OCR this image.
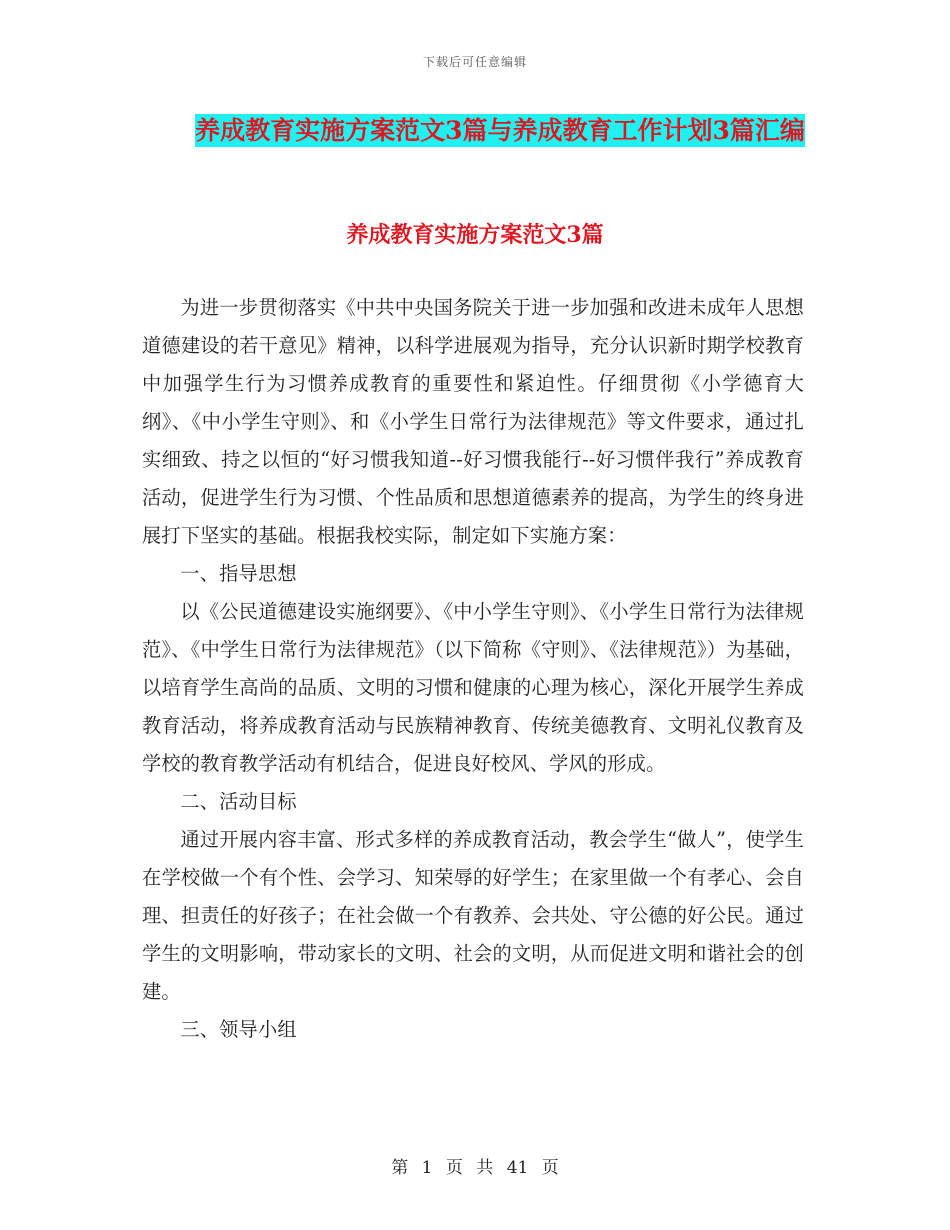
下载后可任意编辑
养成教育实施方案范文3篇与养成教育工作计划3篇汇编
养成教育实施方案范文3篇

为进一步贯彻落实《中共中央国务院关于进一步加强和改进未成年人思想道德建设的若干意见》精神，以科学进展观为指导，充分认识新时期学校教育中加强学生行为习惯养成教育的重要性和紧迫性。仔细贯彻《小学德育大纲》、《中小学生守则》、和《小学生日常行为法律规范》等文件要求，通过扎实细致、持之以恒的“好习惯我知道--好习惯我能行--好习惯伴我行”养成教育活动，促进学生行为习惯、个性品质和思想道德素养的提高，为学生的终身进展打下坚实的基础。根据我校实际，制定如下实施方案：

一、指导思想

以《公民道德建设实施纲要》、《中小学生守则》、《小学生日常行为法律规范》、《中学生日常行为法律规范》（以下简称《守则》、《法律规范》）为基础，以培育学生高尚的品质、文明的习惯和健康的心理为核心，深化开展学生养成教育活动，将养成教育活动与民族精神教育、传统美德教育、文明礼仪教育及学校的教育教学活动有机结合，促进良好校风、学风的形成。

二、活动目标

通过开展内容丰富、形式多样的养成教育活动，教会学生“做人”，使学生在学校做一个有个性、会学习、知荣辱的好学生；在家里做一个有孝心、会自理、担责任的好孩子；在社会做一个有教养、会共处、守公德的好公民。通过学生的文明影响，带动家长的文明、社会的文明，从而促进文明和谐社会的创建。

三、领导小组

第 1 页 共 41 页
